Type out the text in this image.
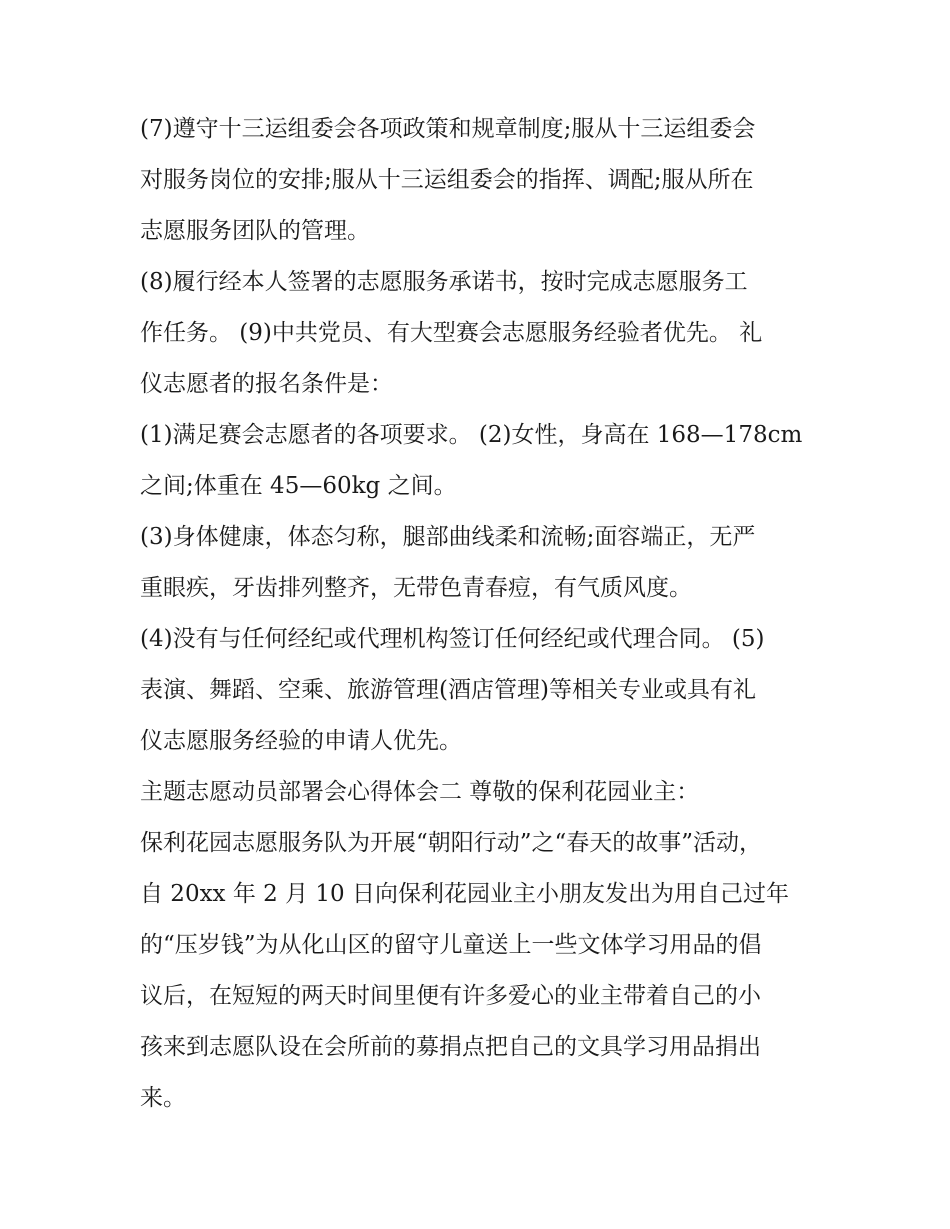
(7)遵守十三运组委会各项政策和规章制度;服从十三运组委会
对服务岗位的安排;服从十三运组委会的指挥、调配;服从所在
志愿服务团队的管理。
(8)履行经本人签署的志愿服务承诺书，按时完成志愿服务工
作任务。 (9)中共党员、有大型赛会志愿服务经验者优先。 礼
仪志愿者的报名条件是：
(1)满足赛会志愿者的各项要求。 (2)女性，身高在 168—178cm
之间;体重在 45—60kg 之间。
(3)身体健康，体态匀称，腿部曲线柔和流畅;面容端正，无严
重眼疾，牙齿排列整齐，无带色青春痘，有气质风度。
(4)没有与任何经纪或代理机构签订任何经纪或代理合同。 (5)
表演、舞蹈、空乘、旅游管理(酒店管理)等相关专业或具有礼
仪志愿服务经验的申请人优先。
主题志愿动员部署会心得体会二 尊敬的保利花园业主：
保利花园志愿服务队为开展“朝阳行动”之“春天的故事”活动，
自 20xx 年 2 月 10 日向保利花园业主小朋友发出为用自己过年
的“压岁钱”为从化山区的留守儿童送上一些文体学习用品的倡
议后，在短短的两天时间里便有许多爱心的业主带着自己的小
孩来到志愿队设在会所前的募捐点把自己的文具学习用品捐出
来。
